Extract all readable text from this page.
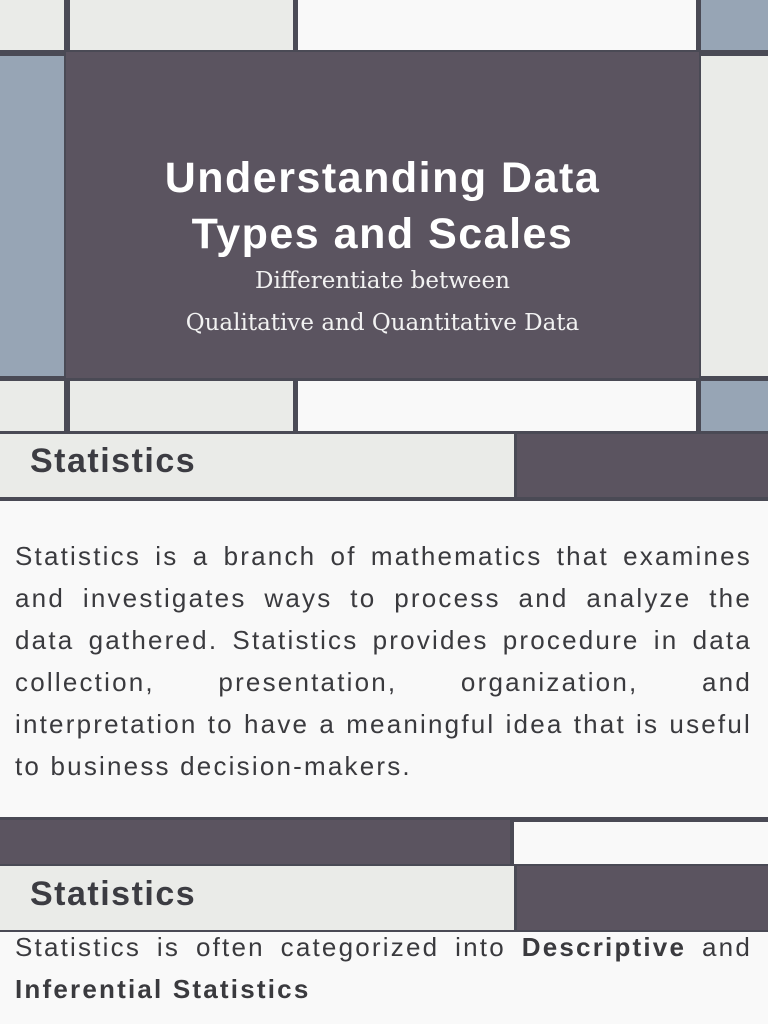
Understanding Data
Types and Scales
Differentiate between
Qualitative and Quantitative Data
Statistics
Statistics is a branch of mathematics that examines and investigates ways to process and analyze the data gathered. Statistics provides procedure in data collection, presentation, organization, and interpretation to have a meaningful idea that is useful to business decision-makers.
Statistics
Statistics is often categorized into Descriptive and Inferential Statistics
